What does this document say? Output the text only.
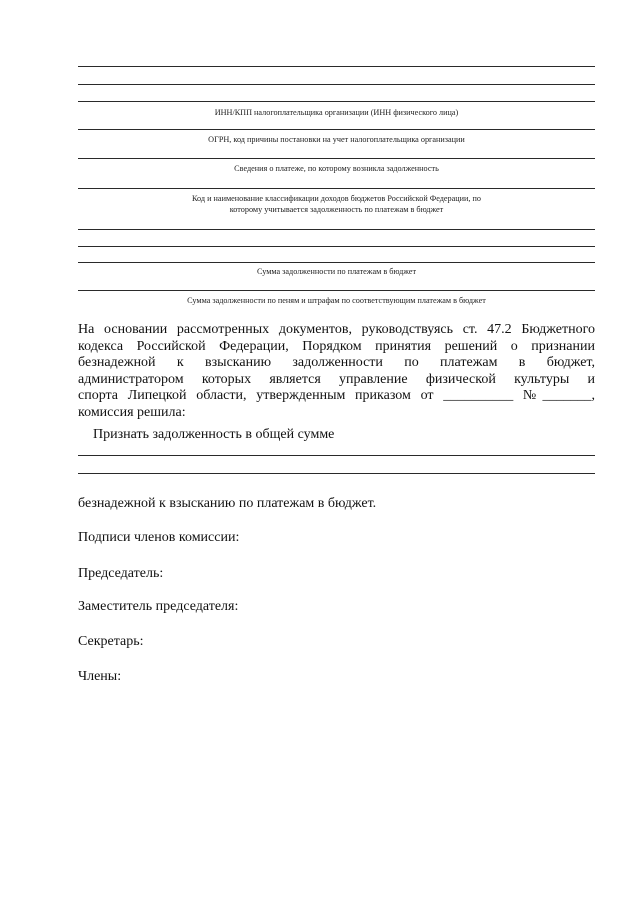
ИНН/КПП налогоплательщика организации (ИНН физического лица)
ОГРН, код причины постановки на учет налогоплательщика организации
Сведения о платеже, по которому возникла задолженность
Код и наименование классификации доходов бюджетов Российской Федерации, по
которому учитывается задолженность по платежам в бюджет
Сумма задолженности по платежам в бюджет
Сумма задолженности по пеням и штрафам по соответствующим платежам в бюджет
На основании рассмотренных документов, руководствуясь ст. 47.2 Бюджетного
кодекса Российской Федерации, Порядком принятия решений о признании
безнадежной к взысканию задолженности по платежам в бюджет,
администратором которых является управление физической культуры и
спорта Липецкой области, утвержденным приказом от __________ №_______,
комиссия решила:
Признать задолженность в общей сумме
безнадежной к взысканию по платежам в бюджет.
Подписи членов комиссии:
Председатель:
Заместитель председателя:
Секретарь:
Члены:
